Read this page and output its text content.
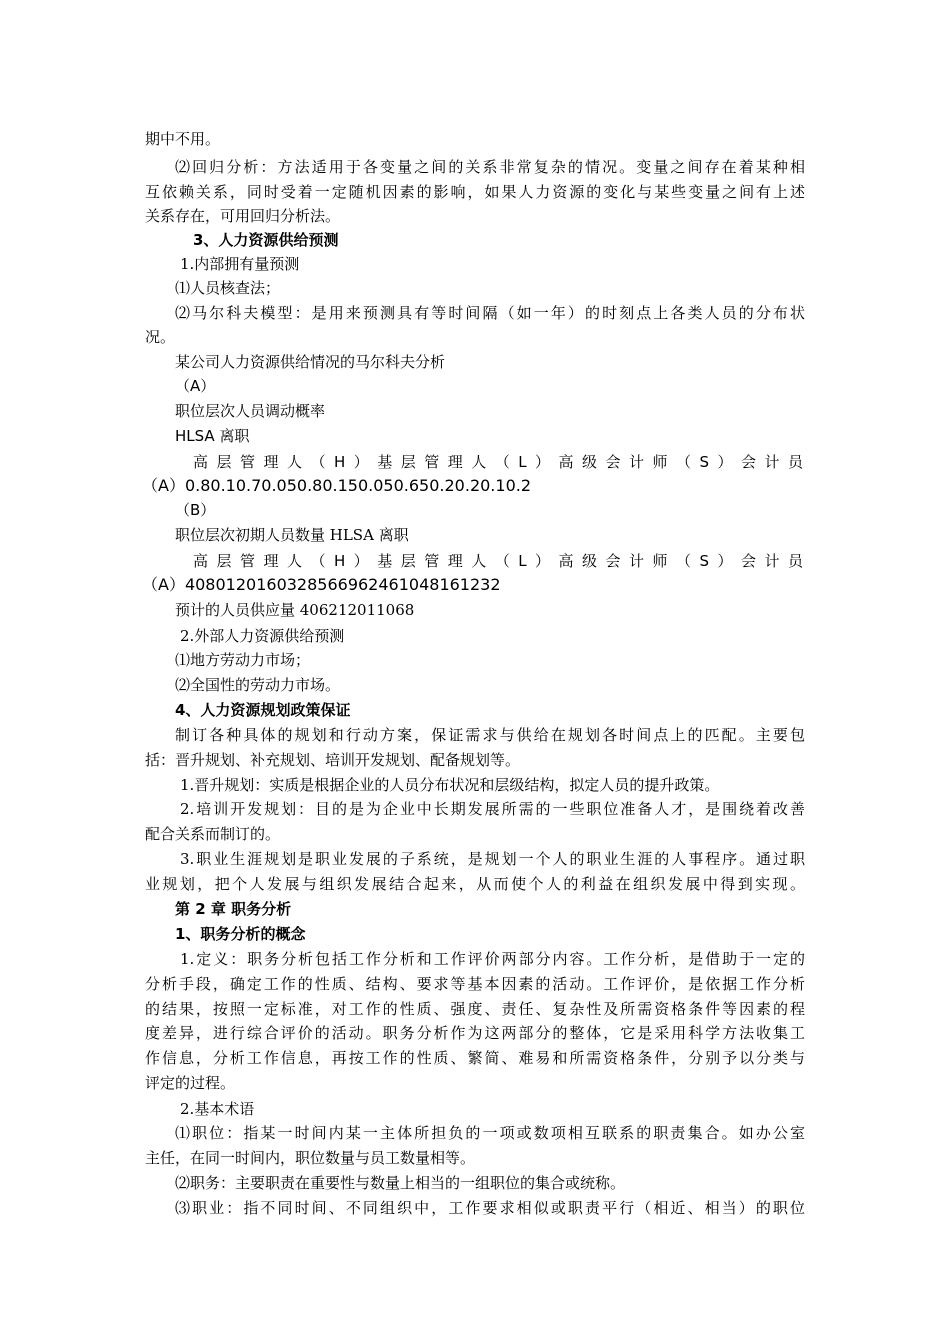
期中不用。
⑵回归分析：方法适用于各变量之间的关系非常复杂的情况。变量之间存在着某种相
互依赖关系，同时受着一定随机因素的影响，如果人力资源的变化与某些变量之间有上述
关系存在，可用回归分析法。
3、人力资源供给预测
1.内部拥有量预测
⑴人员核查法；
⑵马尔科夫模型：是用来预测具有等时间隔（如一年）的时刻点上各类人员的分布状
况。
某公司人力资源供给情况的马尔科夫分析
（A）
职位层次人员调动概率
HLSA 离职
高层管理人（H）基层管理人（L）高级会计师（S）会计员
（A）0.80.10.70.050.80.150.050.650.20.20.10.2
（B）
职位层次初期人员数量 HLSA 离职
高层管理人（H）基层管理人（L）高级会计师（S）会计员
（A）408012016032856696246104816123​2
预计的人员供应量 406212011068
2.外部人力资源供给预测
⑴地方劳动力市场；
⑵全国性的劳动力市场。
4、人力资源规划政策保证
制订各种具体的规划和行动方案，保证需求与供给在规划各时间点上的匹配。主要包
括：晋升规划、补充规划、培训开发规划、配备规划等。
1.晋升规划：实质是根据企业的人员分布状况和层级结构，拟定人员的提升政策。
2.培训开发规划：目的是为企业中长期发展所需的一些职位准备人才，是围绕着改善
配合关系而制订的。
3.职业生涯规划是职业发展的子系统，是规划一个人的职业生涯的人事程序。通过职
业规划，把个人发展与组织发展结合起来，从而使个人的利益在组织发展中得到实现。
第 2 章 职务分析
1、职务分析的概念
1.定义：职务分析包括工作分析和工作评价两部分内容。工作分析，是借助于一定的
分析手段，确定工作的性质、结构、要求等基本因素的活动。工作评价，是依据工作分析
的结果，按照一定标准，对工作的性质、强度、责任、复杂性及所需资格条件等因素的程
度差异，进行综合评价的活动。职务分析作为这两部分的整体，它是采用科学方法收集工
作信息，分析工作信息，再按工作的性质、繁简、难易和所需资格条件，分别予以分类与
评定的过程。
2.基本术语
⑴职位：指某一时间内某一主体所担负的一项或数项相互联系的职责集合。如办公室
主任，在同一时间内，职位数量与员工数量相等。
⑵职务：主要职责在重要性与数量上相当的一组职位的集合或统称。
⑶职业：指不同时间、不同组织中，工作要求相似或职责平行（相近、相当）的职位
